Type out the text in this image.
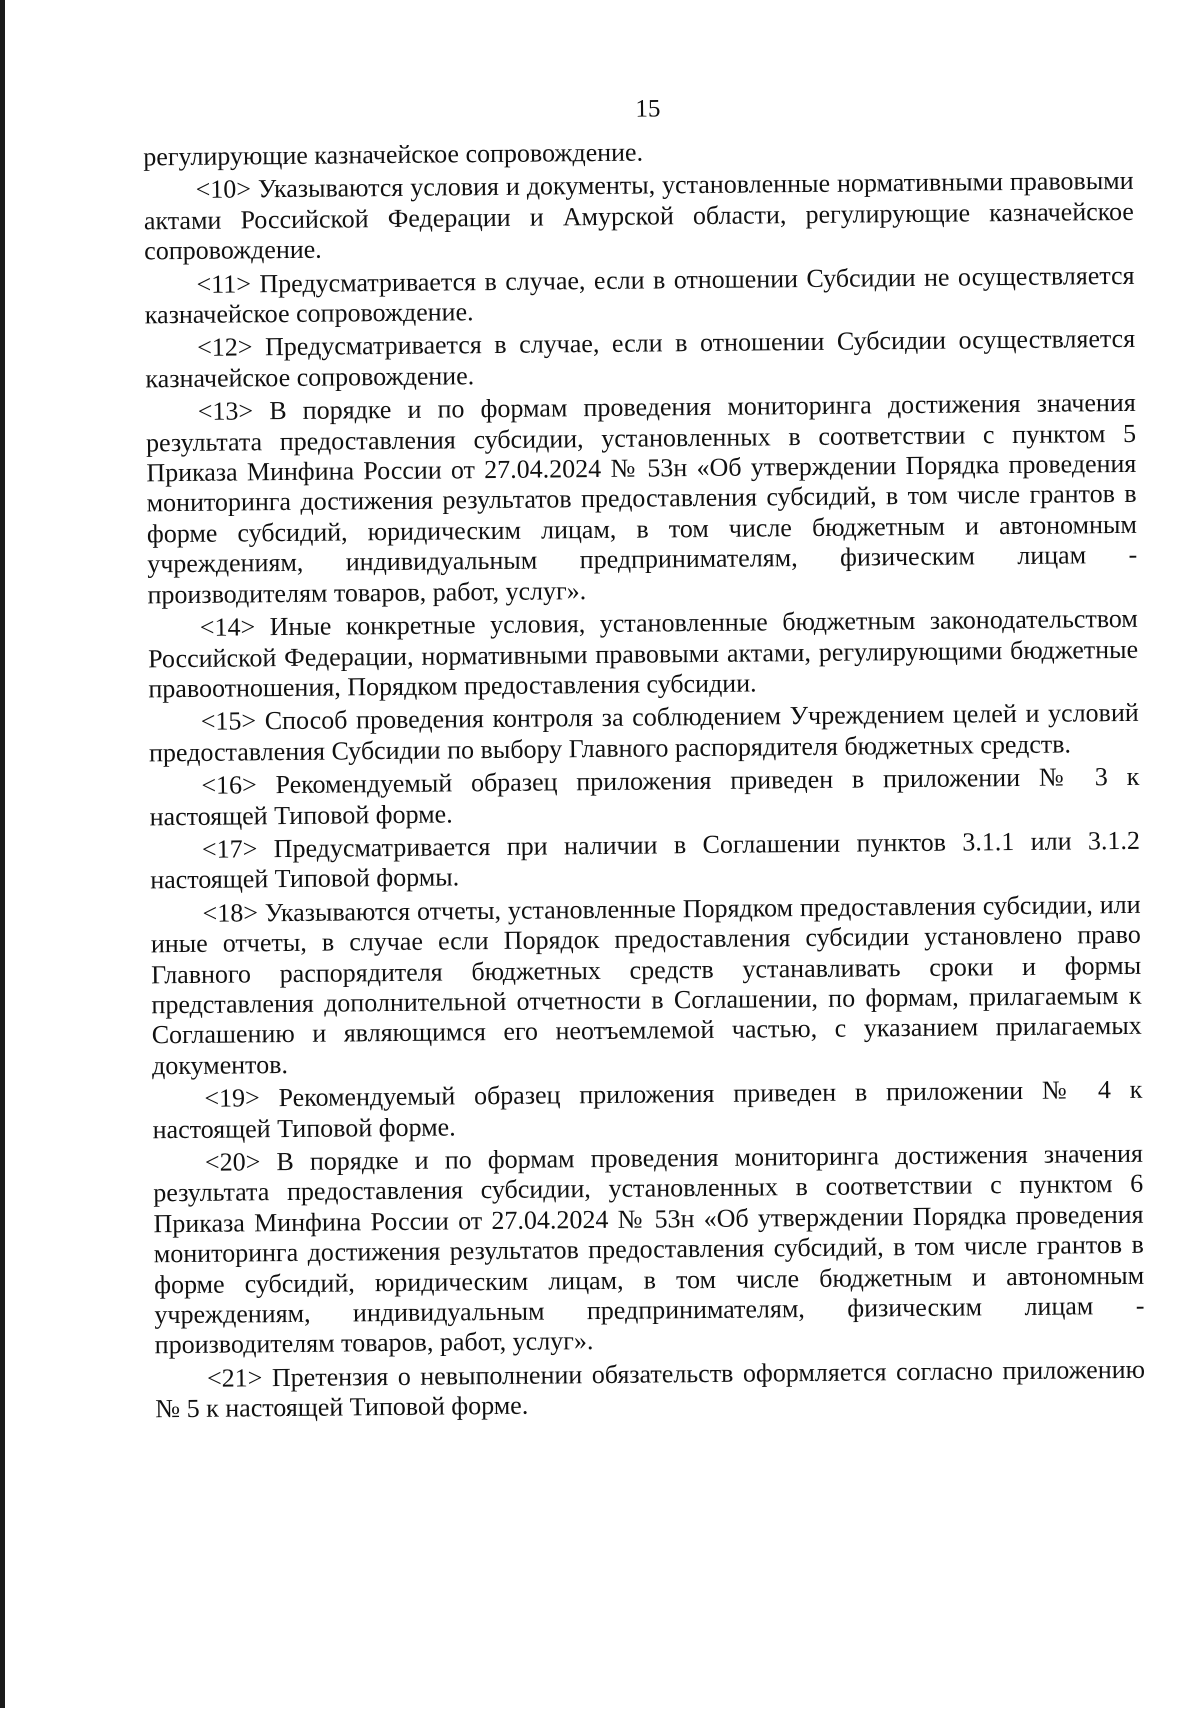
15

регулирующие казначейское сопровождение.

<10> Указываются условия и документы, установленные нормативными правовыми актами Российской Федерации и Амурской области, регулирующие казначейское сопровождение.

<11> Предусматривается в случае, если в отношении Субсидии не осуществляется казначейское сопровождение.

<12> Предусматривается в случае, если в отношении Субсидии осуществляется казначейское сопровождение.

<13> В порядке и по формам проведения мониторинга достижения значения результата предоставления субсидии, установленных в соответствии с пунктом 5 Приказа Минфина России от 27.04.2024 № 53н «Об утверждении Порядка проведения мониторинга достижения результатов предоставления субсидий, в том числе грантов в форме субсидий, юридическим лицам, в том числе бюджетным и автономным учреждениям, индивидуальным предпринимателям, физическим лицам - производителям товаров, работ, услуг».

<14> Иные конкретные условия, установленные бюджетным законодательством Российской Федерации, нормативными правовыми актами, регулирующими бюджетные правоотношения, Порядком предоставления субсидии.

<15> Способ проведения контроля за соблюдением Учреждением целей и условий предоставления Субсидии по выбору Главного распорядителя бюджетных средств.

<16> Рекомендуемый образец приложения приведен в приложении № 3 к настоящей Типовой форме.

<17> Предусматривается при наличии в Соглашении пунктов 3.1.1 или 3.1.2 настоящей Типовой формы.

<18> Указываются отчеты, установленные Порядком предоставления субсидии, или иные отчеты, в случае если Порядок предоставления субсидии установлено право Главного распорядителя бюджетных средств устанавливать сроки и формы представления дополнительной отчетности в Соглашении, по формам, прилагаемым к Соглашению и являющимся его неотъемлемой частью, с указанием прилагаемых документов.

<19> Рекомендуемый образец приложения приведен в приложении № 4 к настоящей Типовой форме.

<20> В порядке и по формам проведения мониторинга достижения значения результата предоставления субсидии, установленных в соответствии с пунктом 6 Приказа Минфина России от 27.04.2024 № 53н «Об утверждении Порядка проведения мониторинга достижения результатов предоставления субсидий, в том числе грантов в форме субсидий, юридическим лицам, в том числе бюджетным и автономным учреждениям, индивидуальным предпринимателям, физическим лицам - производителям товаров, работ, услуг».

<21> Претензия о невыполнении обязательств оформляется согласно приложению № 5 к настоящей Типовой форме.
